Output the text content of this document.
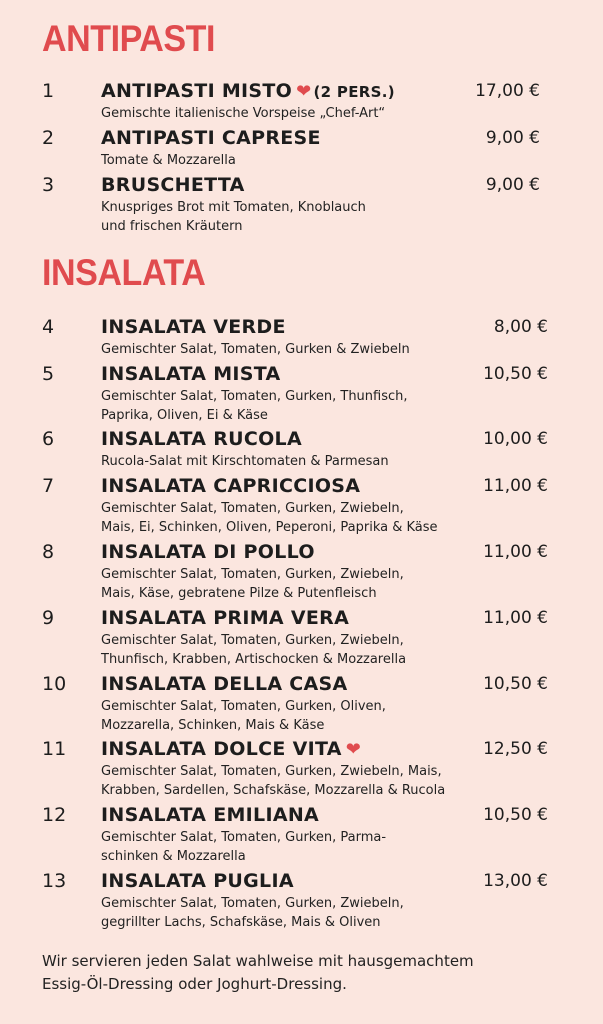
ANTIPASTI
INSALATA
1 ANTIPASTI MISTO ❤ (2 PERS.)	17,00 €
Gemischte italienische Vorspeise „Chef-Art“
2 ANTIPASTI CAPRESE	9,00 €
Tomate & Mozzarella
3 BRUSCHETTA	9,00 €
Knuspriges Brot mit Tomaten, Knoblauch
und frischen Kräutern
4 INSALATA VERDE	8,00 €
Gemischter Salat, Tomaten, Gurken & Zwiebeln
5 INSALATA MISTA	10,50 €
Gemischter Salat, Tomaten, Gurken, Thunfisch,
Paprika, Oliven, Ei & Käse
6 INSALATA RUCOLA	10,00 €
Rucola-Salat mit Kirschtomaten & Parmesan
7 INSALATA CAPRICCIOSA	11,00 €
Gemischter Salat, Tomaten, Gurken, Zwiebeln,
Mais, Ei, Schinken, Oliven, Peperoni, Paprika & Käse
8 INSALATA DI POLLO	11,00 €
Gemischter Salat, Tomaten, Gurken, Zwiebeln,
Mais, Käse, gebratene Pilze & Putenfleisch
9 INSALATA PRIMA VERA	11,00 €
Gemischter Salat, Tomaten, Gurken, Zwiebeln,
Thunfisch, Krabben, Artischocken & Mozzarella
10 INSALATA DELLA CASA	10,50 €
Gemischter Salat, Tomaten, Gurken, Oliven,
Mozzarella, Schinken, Mais & Käse
11 INSALATA DOLCE VITA ❤	12,50 €
Gemischter Salat, Tomaten, Gurken, Zwiebeln, Mais,
Krabben, Sardellen, Schafskäse, Mozzarella & Rucola
12 INSALATA EMILIANA	10,50 €
Gemischter Salat, Tomaten, Gurken, Parma-
schinken & Mozzarella
13 INSALATA PUGLIA	13,00 €
Gemischter Salat, Tomaten, Gurken, Zwiebeln,
gegrillter Lachs, Schafskäse, Mais & Oliven
Wir servieren jeden Salat wahlweise mit hausgemachtem
Essig-Öl-Dressing oder Joghurt-Dressing.
